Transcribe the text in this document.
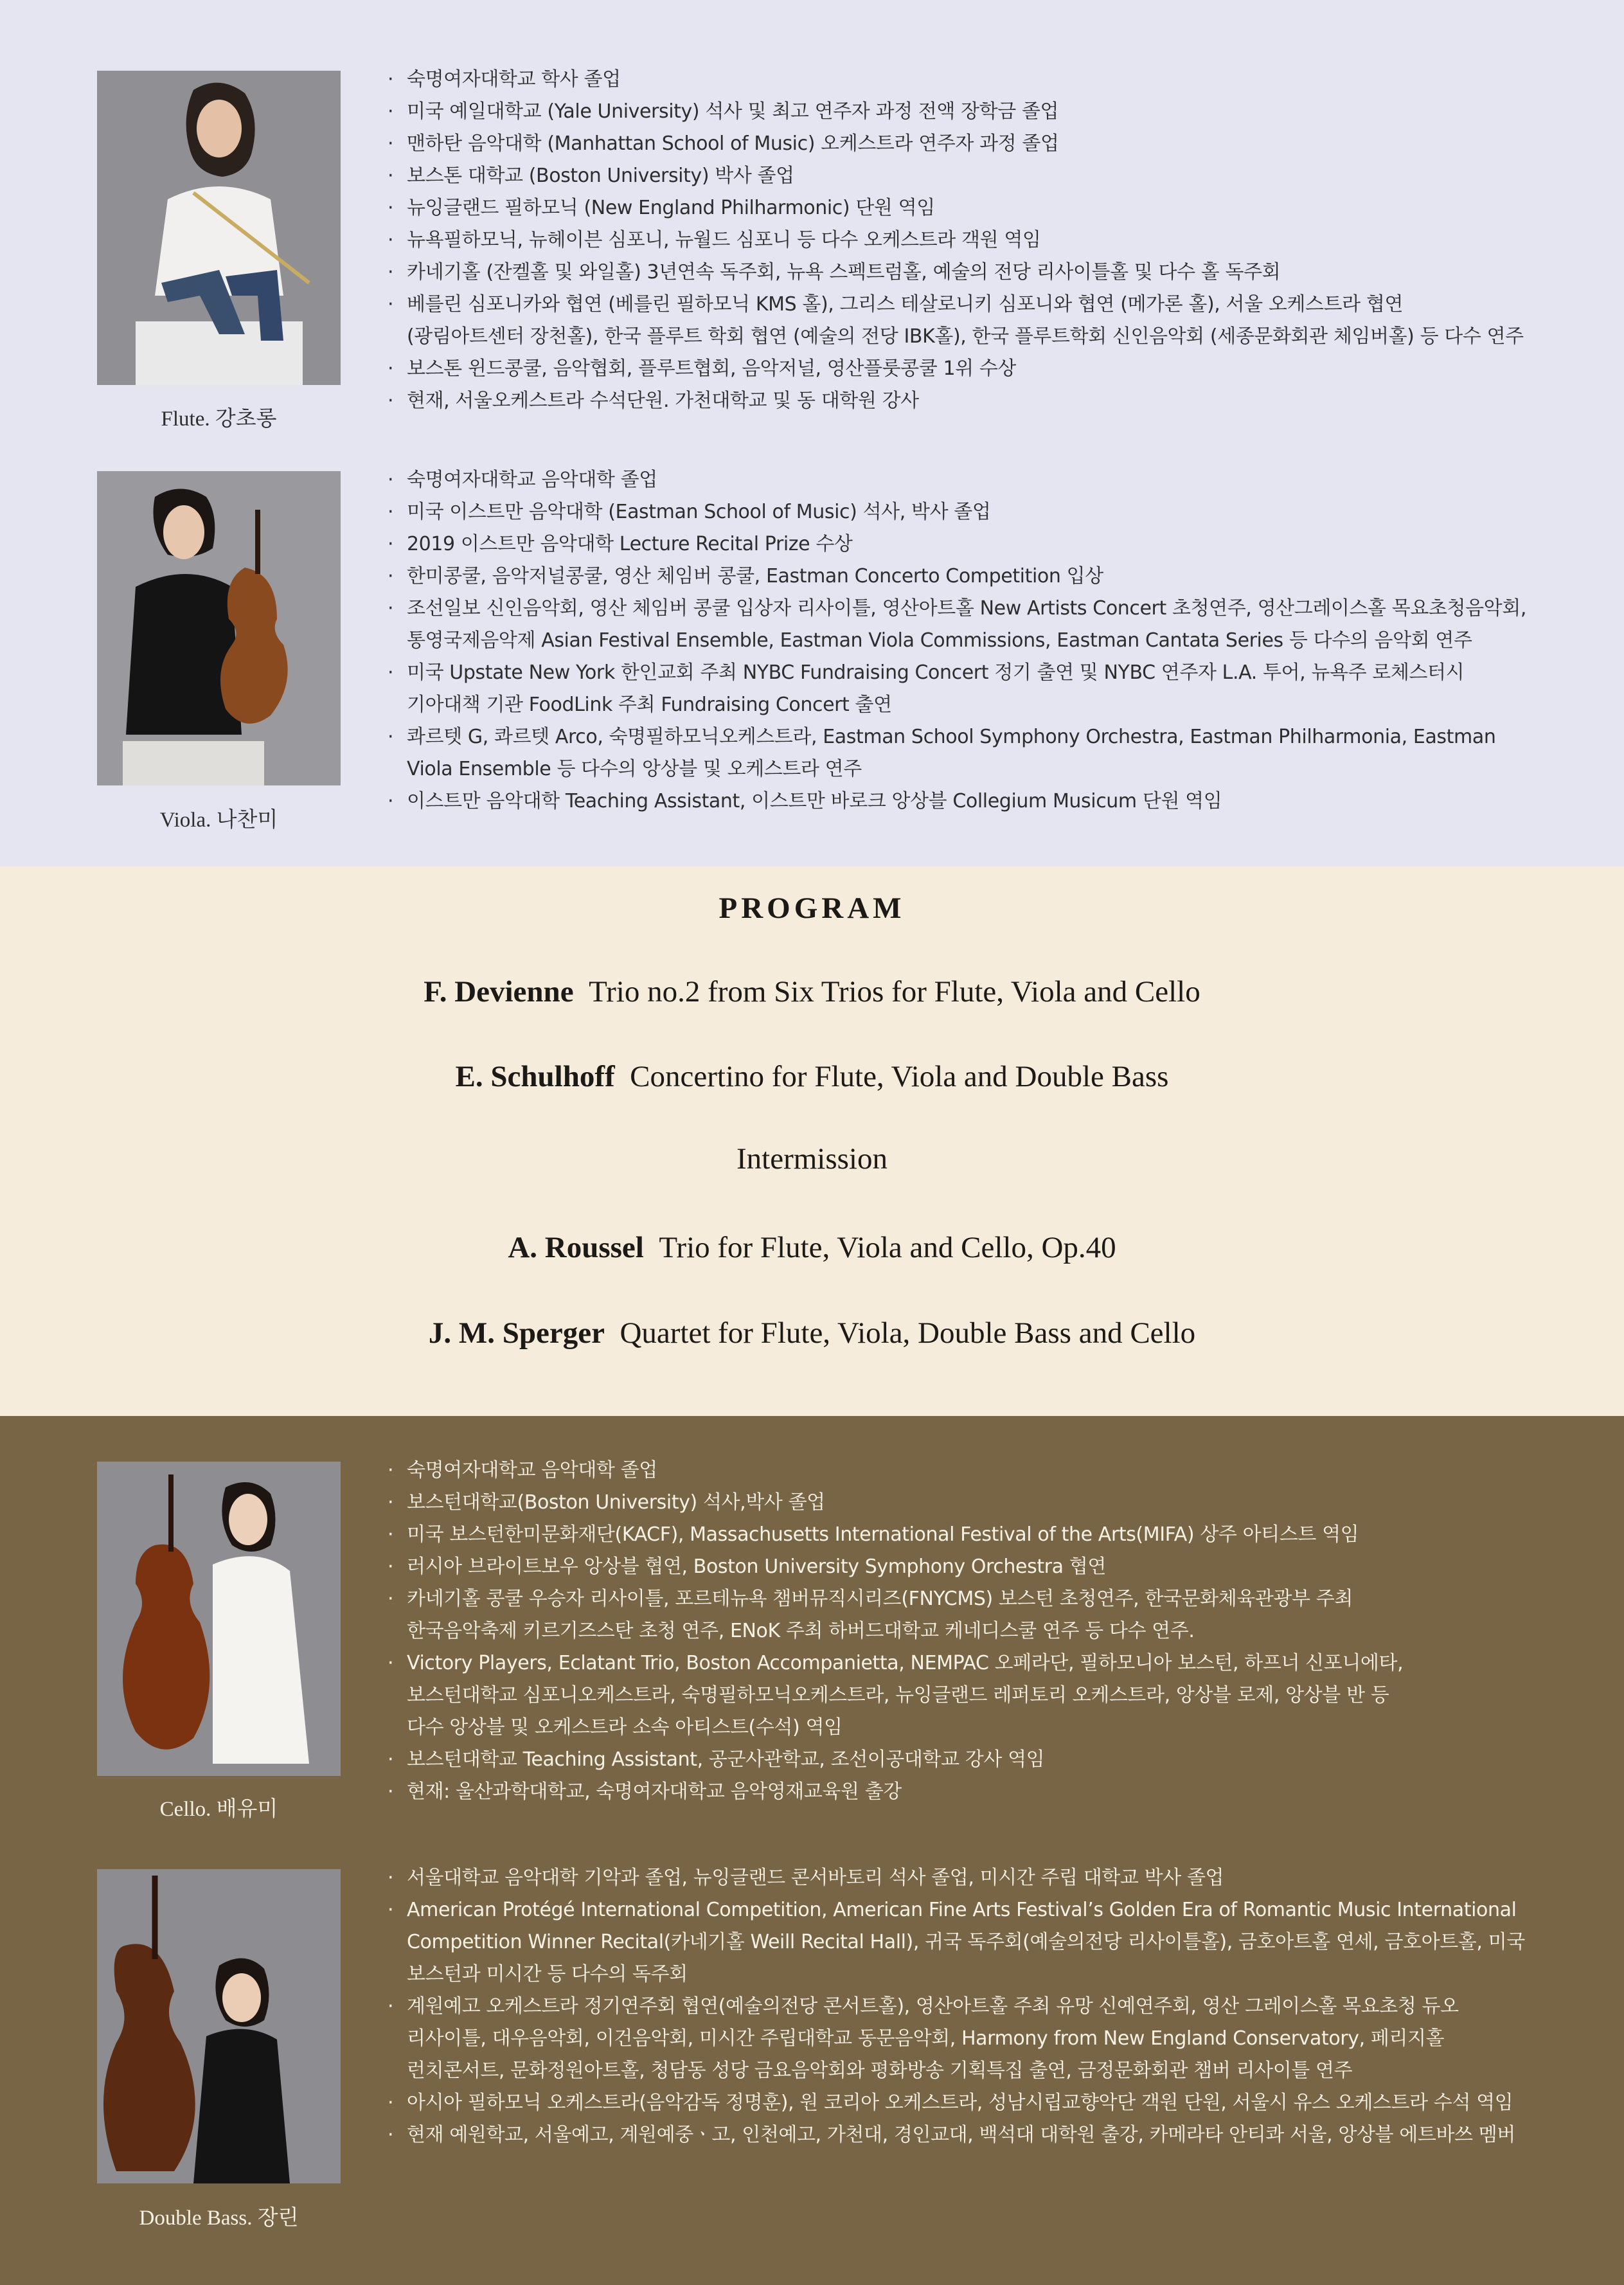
Flute. 강초롱
· 숙명여자대학교 학사 졸업
· 미국 예일대학교 (Yale University) 석사 및 최고 연주자 과정 전액 장학금 졸업
· 맨하탄 음악대학 (Manhattan School of Music) 오케스트라 연주자 과정 졸업
· 보스톤 대학교 (Boston University) 박사 졸업
· 뉴잉글랜드 필하모닉 (New England Philharmonic) 단원 역임
· 뉴욕필하모닉, 뉴헤이븐 심포니, 뉴월드 심포니 등 다수 오케스트라 객원 역임
· 카네기홀 (잔켈홀 및 와일홀) 3년연속 독주회, 뉴욕 스펙트럼홀, 예술의 전당 리사이틀홀 및 다수 홀 독주회
· 베를린 심포니카와 협연 (베를린 필하모닉 KMS 홀), 그리스 테살로니키 심포니와 협연 (메가론 홀), 서울 오케스트라 협연
(광림아트센터 장천홀), 한국 플루트 학회 협연 (예술의 전당 IBK홀), 한국 플루트학회 신인음악회 (세종문화회관 체임버홀) 등 다수 연주
· 보스톤 윈드콩쿨, 음악협회, 플루트협회, 음악저널, 영산플룻콩쿨 1위 수상
· 현재, 서울오케스트라 수석단원. 가천대학교 및 동 대학원 강사
Viola. 나찬미
· 숙명여자대학교 음악대학 졸업
· 미국 이스트만 음악대학 (Eastman School of Music) 석사, 박사 졸업
· 2019 이스트만 음악대학 Lecture Recital Prize 수상
· 한미콩쿨, 음악저널콩쿨, 영산 체임버 콩쿨, Eastman Concerto Competition 입상
· 조선일보 신인음악회, 영산 체임버 콩쿨 입상자 리사이틀, 영산아트홀 New Artists Concert 초청연주, 영산그레이스홀 목요초청음악회,
통영국제음악제 Asian Festival Ensemble, Eastman Viola Commissions, Eastman Cantata Series 등 다수의 음악회 연주
· 미국 Upstate New York 한인교회 주최 NYBC Fundraising Concert 정기 출연 및 NYBC 연주자 L.A. 투어, 뉴욕주 로체스터시
기아대책 기관 FoodLink 주최 Fundraising Concert 출연
· 콰르텟 G, 콰르텟 Arco, 숙명필하모닉오케스트라, Eastman School Symphony Orchestra, Eastman Philharmonia, Eastman
Viola Ensemble 등 다수의 앙상블 및 오케스트라 연주
· 이스트만 음악대학 Teaching Assistant, 이스트만 바로크 앙상블 Collegium Musicum 단원 역임
PROGRAM
F. Devienne Trio no.2 from Six Trios for Flute, Viola and Cello
E. Schulhoff Concertino for Flute, Viola and Double Bass
Intermission
A. Roussel Trio for Flute, Viola and Cello, Op.40
J. M. Sperger Quartet for Flute, Viola, Double Bass and Cello
Cello. 배유미
· 숙명여자대학교 음악대학 졸업
· 보스턴대학교(Boston University) 석사,박사 졸업
· 미국 보스턴한미문화재단(KACF), Massachusetts International Festival of the Arts(MIFA) 상주 아티스트 역임
· 러시아 브라이트보우 앙상블 협연, Boston University Symphony Orchestra 협연
· 카네기홀 콩쿨 우승자 리사이틀, 포르테뉴욕 챔버뮤직시리즈(FNYCMS) 보스턴 초청연주, 한국문화체육관광부 주최
한국음악축제 키르기즈스탄 초청 연주, ENoK 주최 하버드대학교 케네디스쿨 연주 등 다수 연주.
· Victory Players, Eclatant Trio, Boston Accompanietta, NEMPAC 오페라단, 필하모니아 보스턴, 하프너 신포니에타,
보스턴대학교 심포니오케스트라, 숙명필하모닉오케스트라, 뉴잉글랜드 레퍼토리 오케스트라, 앙상블 로제, 앙상블 반 등
다수 앙상블 및 오케스트라 소속 아티스트(수석) 역임
· 보스턴대학교 Teaching Assistant, 공군사관학교, 조선이공대학교 강사 역임
· 현재: 울산과학대학교, 숙명여자대학교 음악영재교육원 출강
Double Bass. 장린
· 서울대학교 음악대학 기악과 졸업, 뉴잉글랜드 콘서바토리 석사 졸업, 미시간 주립 대학교 박사 졸업
· American Protégé International Competition, American Fine Arts Festival’s Golden Era of Romantic Music International
Competition Winner Recital(카네기홀 Weill Recital Hall), 귀국 독주회(예술의전당 리사이틀홀), 금호아트홀 연세, 금호아트홀, 미국
보스턴과 미시간 등 다수의 독주회
· 계원예고 오케스트라 정기연주회 협연(예술의전당 콘서트홀), 영산아트홀 주최 유망 신예연주회, 영산 그레이스홀 목요초청 듀오
리사이틀, 대우음악회, 이건음악회, 미시간 주립대학교 동문음악회, Harmony from New England Conservatory, 페리지홀
런치콘서트, 문화정원아트홀, 청담동 성당 금요음악회와 평화방송 기획특집 출연, 금정문화회관 챔버 리사이틀 연주
· 아시아 필하모닉 오케스트라(음악감독 정명훈), 원 코리아 오케스트라, 성남시립교향악단 객원 단원, 서울시 유스 오케스트라 수석 역임
· 현재 예원학교, 서울예고, 계원예중ㆍ고, 인천예고, 가천대, 경인교대, 백석대 대학원 출강, 카메라타 안티콰 서울, 앙상블 에트바쓰 멤버
